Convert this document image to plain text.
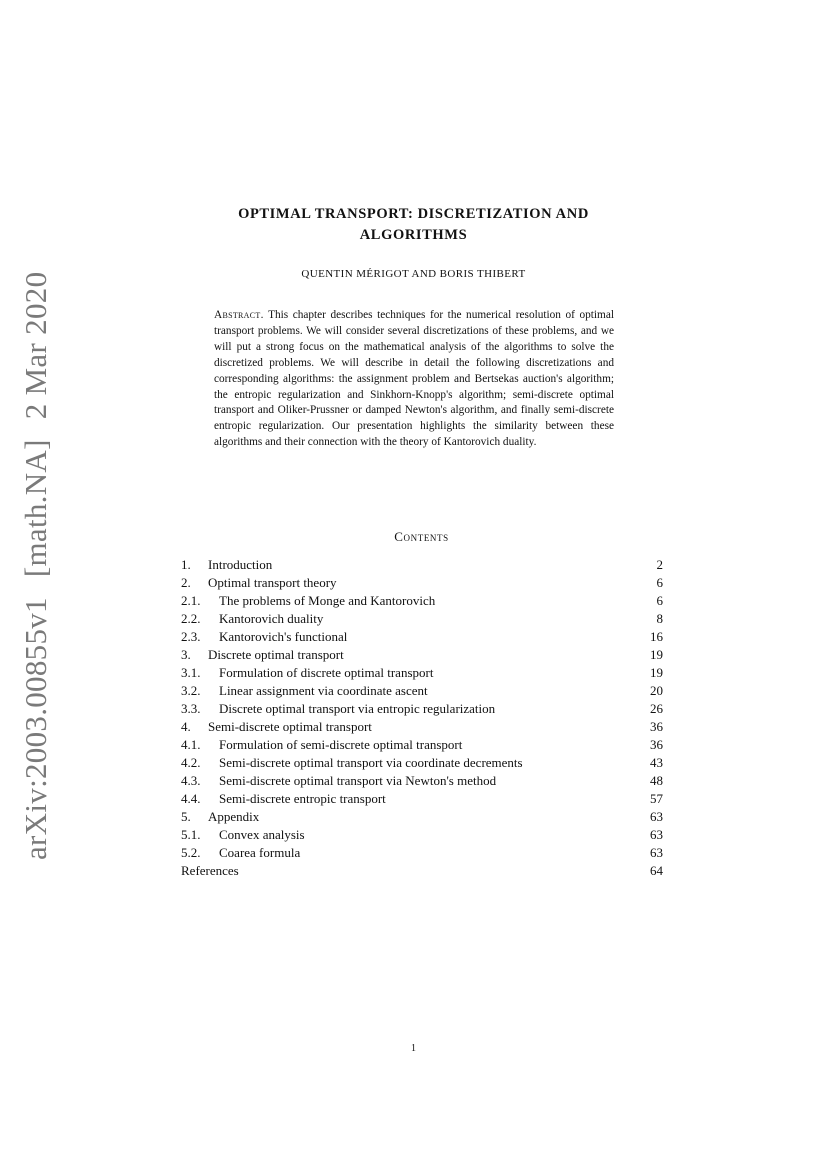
arXiv:2003.00855v1[math.NA]2 Mar 2020
OPTIMAL TRANSPORT: DISCRETIZATION AND
ALGORITHMS
QUENTIN MÉRIGOT AND BORIS THIBERT
Abstract. This chapter describes techniques for the numerical resolution of optimal transport problems. We will consider several discretizations of these problems, and we will put a strong focus on the mathematical analysis of the algorithms to solve the discretized problems. We will describe in detail the following discretizations and corresponding algorithms: the assignment problem and Bertsekas auction's algorithm; the entropic regularization and Sinkhorn-Knopp's algorithm; semi-discrete optimal transport and Oliker-Prussner or damped Newton's algorithm, and finally semi-discrete entropic regularization. Our presentation highlights the similarity between these algorithms and their connection with the theory of Kantorovich duality.
Contents
1.	Introduction	2
2.	Optimal transport theory	6
2.1.	The problems of Monge and Kantorovich	6
2.2.	Kantorovich duality	8
2.3.	Kantorovich's functional	16
3.	Discrete optimal transport	19
3.1.	Formulation of discrete optimal transport	19
3.2.	Linear assignment via coordinate ascent	20
3.3.	Discrete optimal transport via entropic regularization	26
4.	Semi-discrete optimal transport	36
4.1.	Formulation of semi-discrete optimal transport	36
4.2.	Semi-discrete optimal transport via coordinate decrements	43
4.3.	Semi-discrete optimal transport via Newton's method	48
4.4.	Semi-discrete entropic transport	57
5.	Appendix	63
5.1.	Convex analysis	63
5.2.	Coarea formula	63
References	64
1
